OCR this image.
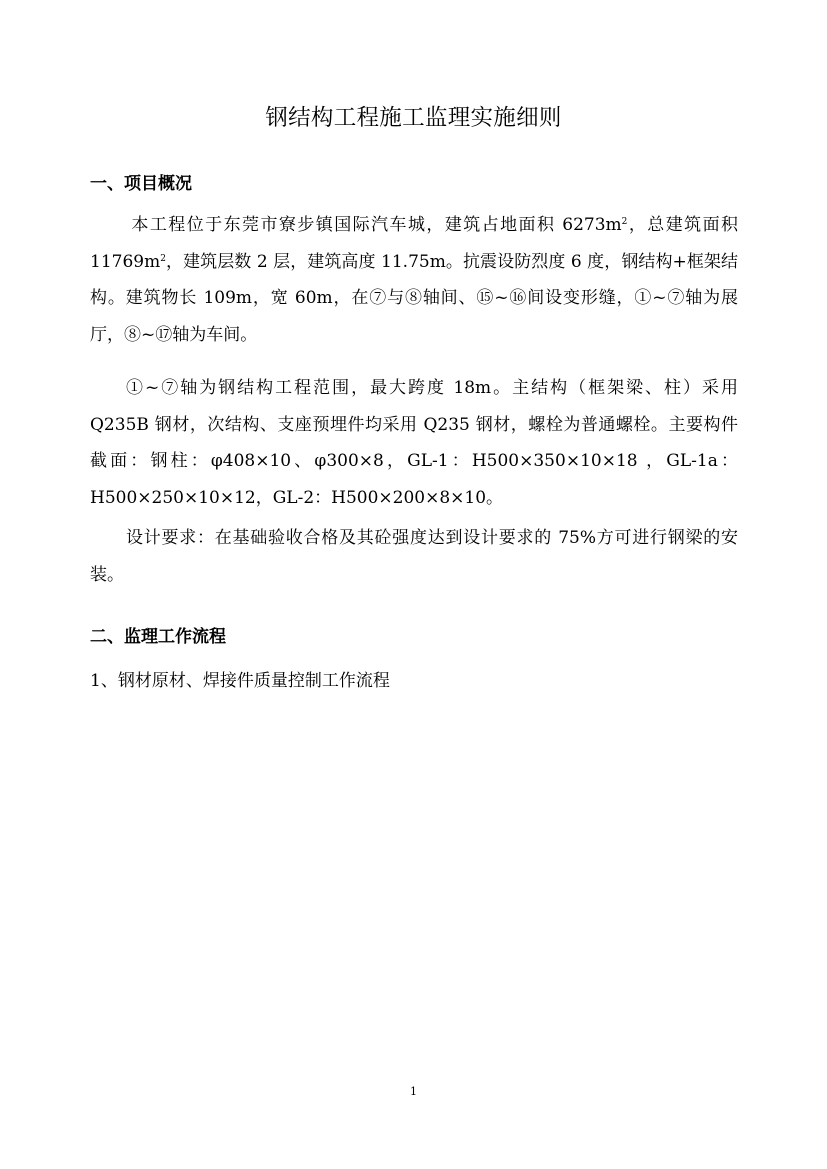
钢结构工程施工监理实施细则
一、项目概况
本工程位于东莞市寮步镇国际汽车城，建筑占地面积 $6273m^2$，总建筑面积 $11769m^2$，建筑层数 2 层，建筑高度 11.75m。抗震设防烈度 6 度，钢结构+框架结构。建筑物长 109m，宽 60m，在⑦与⑧轴间、⑮~⑯间设变形缝，①~⑦轴为展厅，⑧~⑰轴为车间。
①~⑦轴为钢结构工程范围，最大跨度 18m。主结构（框架梁、柱）采用 Q235B 钢材，次结构、支座预埋件均采用 Q235 钢材，螺栓为普通螺栓。主要构件截面：钢柱：φ408×10、φ300×8，GL-1：H500×350×10×18 ，GL-1a：H500×250×10×12，GL-2：H500×200×8×10。
设计要求：在基础验收合格及其砼强度达到设计要求的 75%方可进行钢梁的安装。
二、监理工作流程
1、钢材原材、焊接件质量控制工作流程
1
